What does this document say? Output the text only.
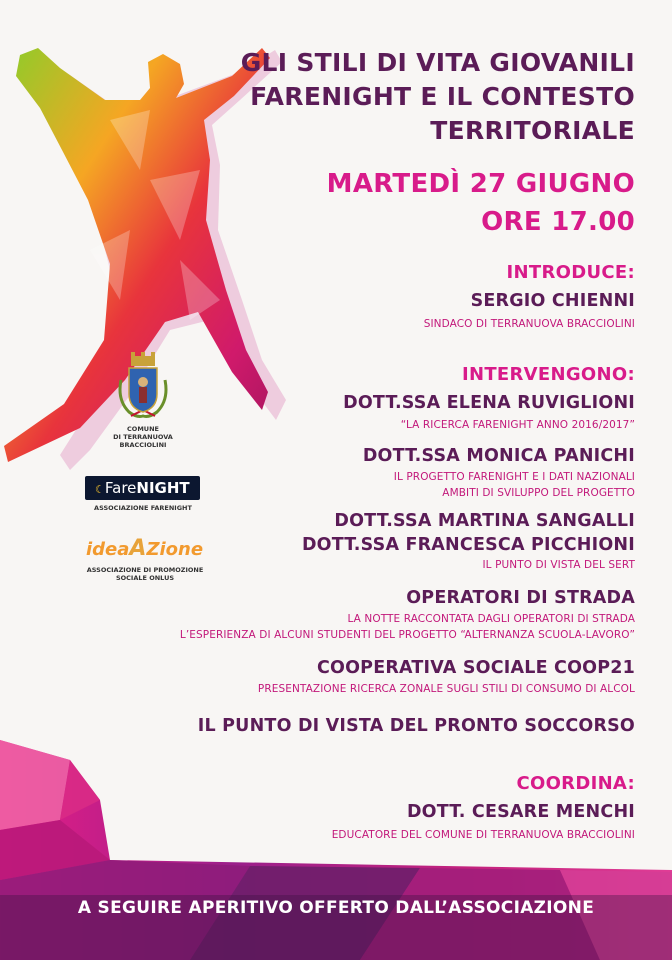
GLI STILI DI VITA GIOVANILI
FARENIGHT E IL CONTESTO
TERRITORIALE
MARTEDÌ 27 GIUGNO
ORE 17.00
INTRODUCE:
SERGIO CHIENNI
SINDACO DI TERRANUOVA BRACCIOLINI
INTERVENGONO:
DOTT.SSA ELENA RUVIGLIONI
“LA RICERCA FARENIGHT ANNO 2016/2017”
DOTT.SSA MONICA PANICHI
IL PROGETTO FARENIGHT E I DATI NAZIONALI
AMBITI DI SVILUPPO DEL PROGETTO
DOTT.SSA MARTINA SANGALLI
DOTT.SSA FRANCESCA PICCHIONI
IL PUNTO DI VISTA DEL SERT
OPERATORI DI STRADA
LA NOTTE RACCONTATA DAGLI OPERATORI DI STRADA
L’ESPERIENZA DI ALCUNI STUDENTI DEL PROGETTO “ALTERNANZA SCUOLA-LAVORO”
COOPERATIVA SOCIALE COOP21
PRESENTAZIONE RICERCA ZONALE SUGLI STILI DI CONSUMO DI ALCOL
IL PUNTO DI VISTA DEL PRONTO SOCCORSO
COORDINA:
DOTT. CESARE MENCHI
EDUCATORE DEL COMUNE DI TERRANUOVA BRACCIOLINI
A SEGUIRE APERITIVO OFFERTO DALL’ASSOCIAZIONE
COMUNE
DI TERRANUOVA
BRACCIOLINI
☾FareNIGHT
ASSOCIAZIONE FARENIGHT
ideaAZione
ASSOCIAZIONE DI PROMOZIONE
SOCIALE ONLUS
